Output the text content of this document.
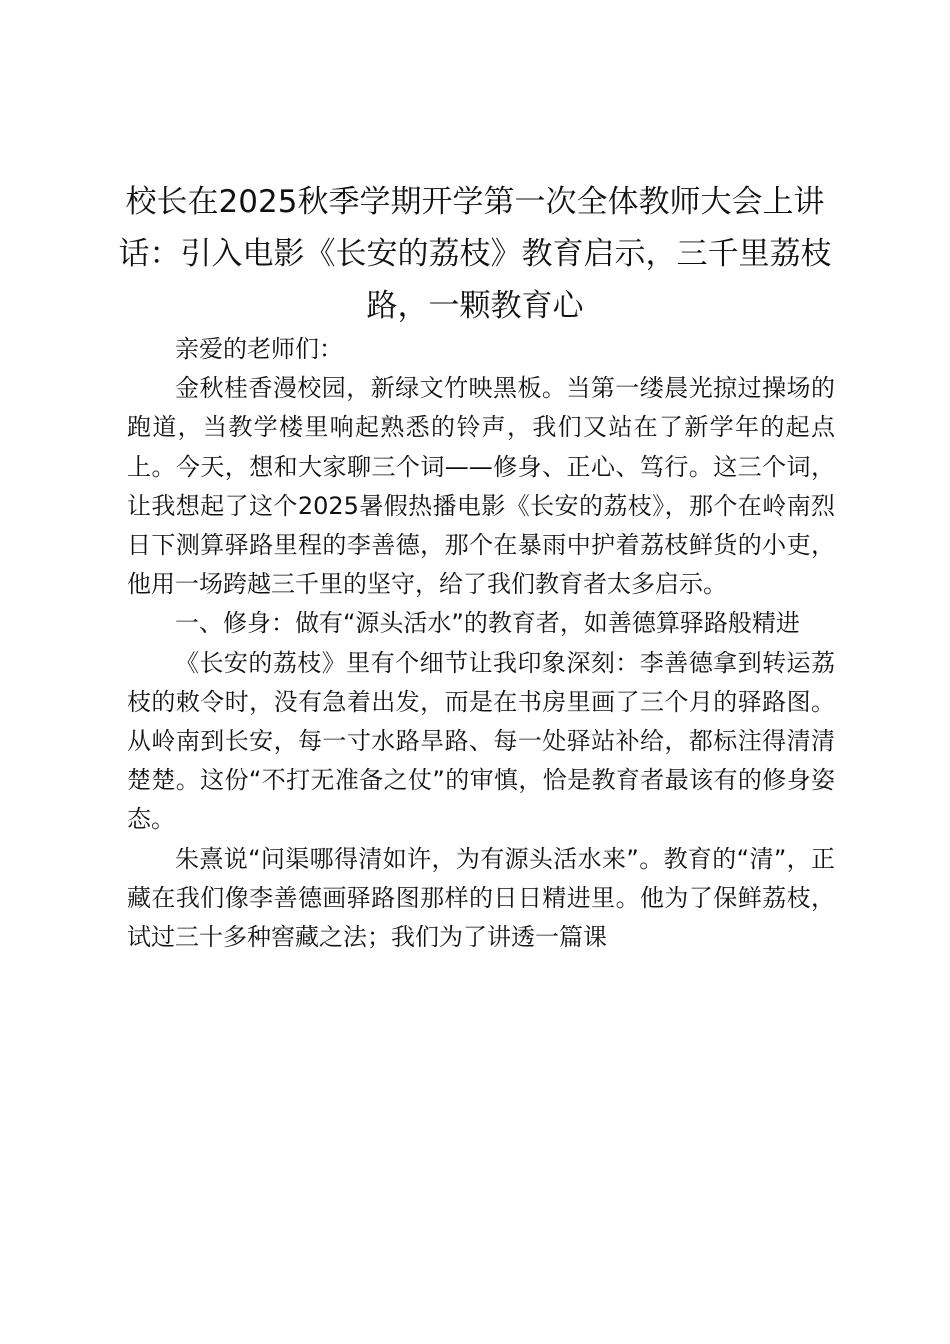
校长在2025秋季学期开学第一次全体教师大会上讲话：引入电影《长安的荔枝》教育启示，三千里荔枝路，一颗教育心

亲爱的老师们：

金秋桂香漫校园，新绿文竹映黑板。当第一缕晨光掠过操场的跑道，当教学楼里响起熟悉的铃声，我们又站在了新学年的起点上。今天，想和大家聊三个词——修身、正心、笃行。这三个词，让我想起了这个2025暑假热播电影《长安的荔枝》，那个在岭南烈日下测算驿路里程的李善德，那个在暴雨中护着荔枝鲜货的小吏，他用一场跨越三千里的坚守，给了我们教育者太多启示。

一、修身：做有“源头活水”的教育者，如善德算驿路般精进

《长安的荔枝》里有个细节让我印象深刻：李善德拿到转运荔枝的敕令时，没有急着出发，而是在书房里画了三个月的驿路图。从岭南到长安，每一寸水路旱路、每一处驿站补给，都标注得清清楚楚。这份“不打无准备之仗”的审慎，恰是教育者最该有的修身姿态。

朱熹说“问渠哪得清如许，为有源头活水来”。教育的“清”，正藏在我们像李善德画驿路图那样的日日精进里。他为了保鲜荔枝，试过三十多种窖藏之法；我们为了讲透一篇课
